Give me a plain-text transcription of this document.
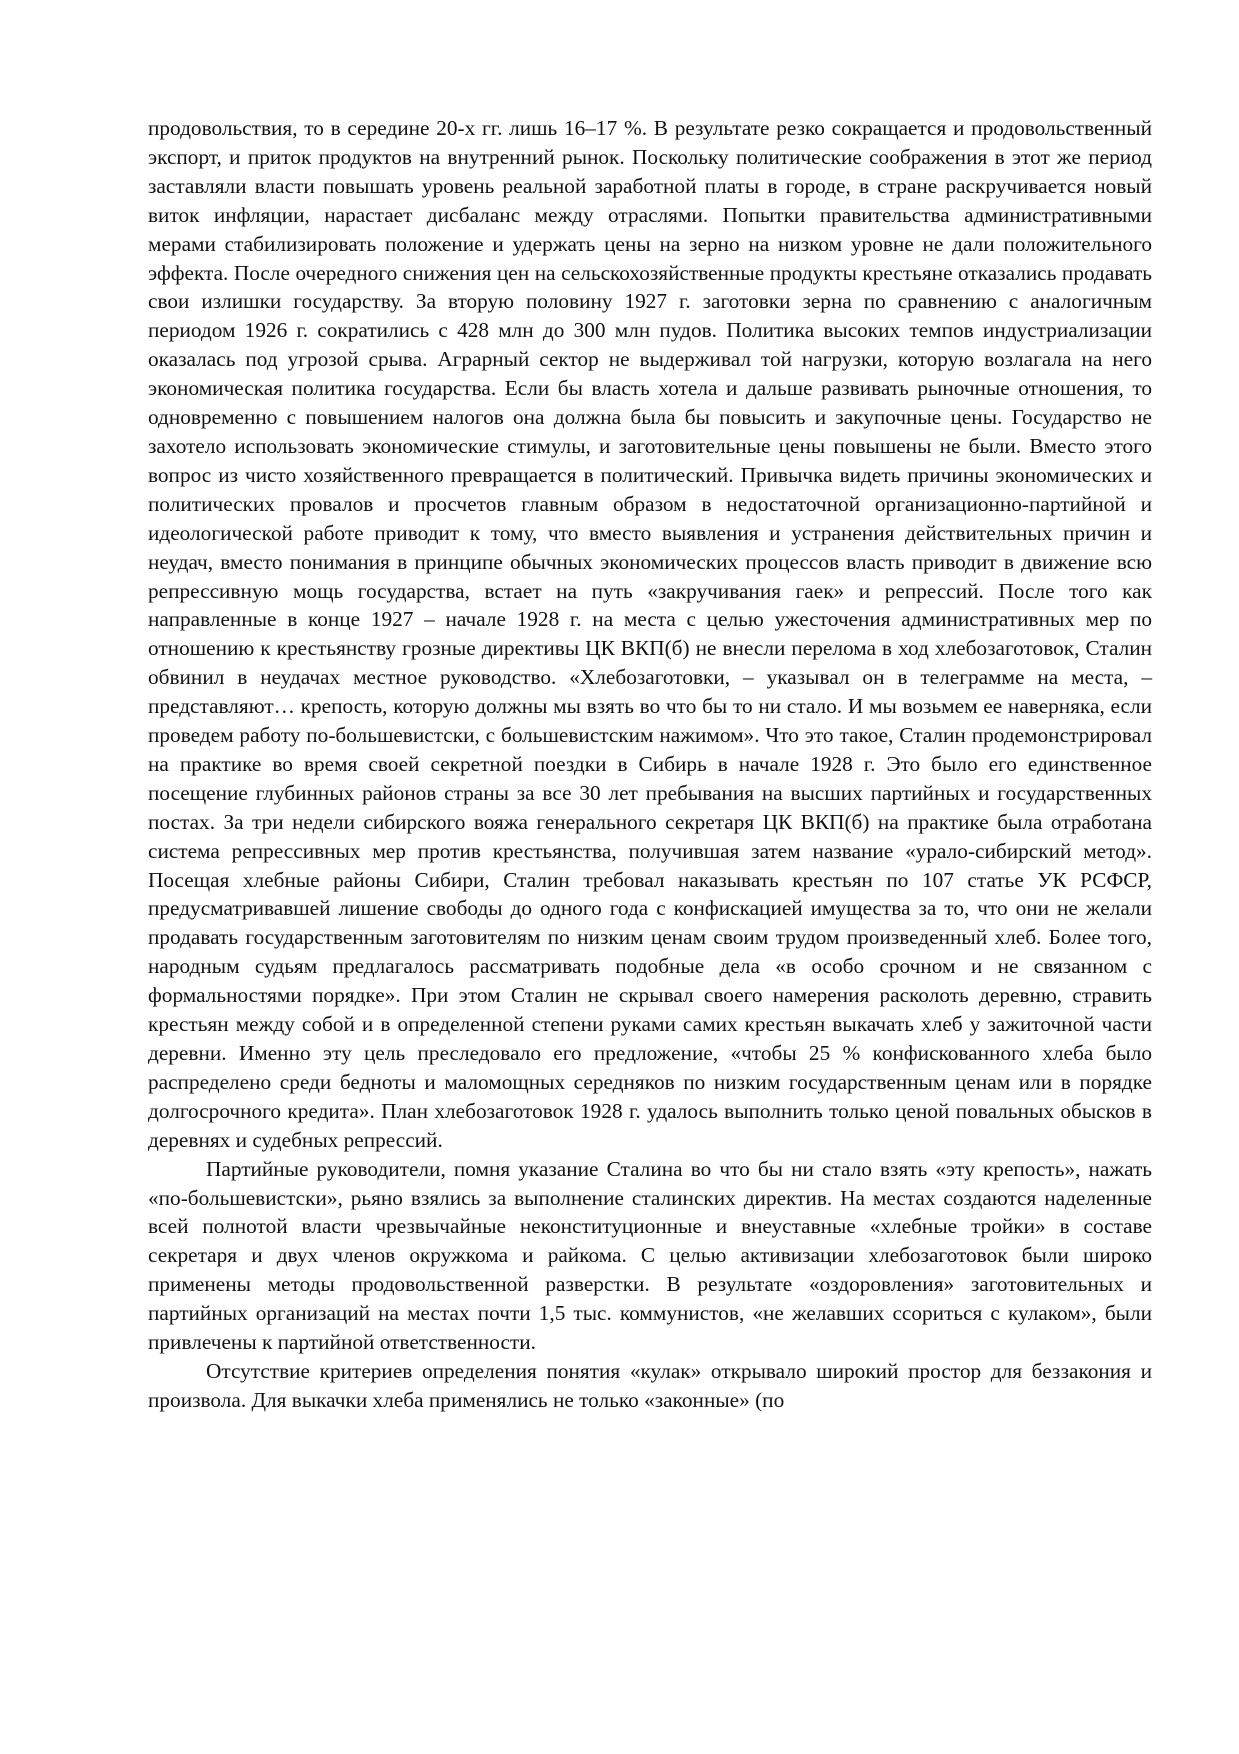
продовольствия, то в середине 20-х гг. лишь 16–17 %. В результате резко сокращается и продовольственный экспорт, и приток продуктов на внутренний рынок. Поскольку политические соображения в этот же период заставляли власти повышать уровень реальной заработной платы в городе, в стране раскручивается новый виток инфляции, нарастает дисбаланс между отраслями. Попытки правительства административными мерами стабилизировать положение и удержать цены на зерно на низком уровне не дали положительного эффекта. После очередного снижения цен на сельскохозяйственные продукты крестьяне отказались продавать свои излишки государству. За вторую половину 1927 г. заготовки зерна по сравнению с аналогичным периодом 1926 г. сократились с 428 млн до 300 млн пудов. Политика высоких темпов индустриализации оказалась под угрозой срыва. Аграрный сектор не выдерживал той нагрузки, которую возлагала на него экономическая политика государства. Если бы власть хотела и дальше развивать рыночные отношения, то одновременно с повышением налогов она должна была бы повысить и закупочные цены. Государство не захотело использовать экономические стимулы, и заготовительные цены повышены не были. Вместо этого вопрос из чисто хозяйственного превращается в политический. Привычка видеть причины экономических и политических провалов и просчетов главным образом в недостаточной организационно-партийной и идеологической работе приводит к тому, что вместо выявления и устранения действительных причин и неудач, вместо понимания в принципе обычных экономических процессов власть приводит в движение всю репрессивную мощь государства, встает на путь «закручивания гаек» и репрессий. После того как направленные в конце 1927 – начале 1928 г. на места с целью ужесточения административных мер по отношению к крестьянству грозные директивы ЦК ВКП(б) не внесли перелома в ход хлебозаготовок, Сталин обвинил в неудачах местное руководство. «Хлебозаготовки, – указывал он в телеграмме на места, – представляют… крепость, которую должны мы взять во что бы то ни стало. И мы возьмем ее наверняка, если проведем работу по-большевистски, с большевистским нажимом». Что это такое, Сталин продемонстрировал на практике во время своей секретной поездки в Сибирь в начале 1928 г. Это было его единственное посещение глубинных районов страны за все 30 лет пребывания на высших партийных и государственных постах. За три недели сибирского вояжа генерального секретаря ЦК ВКП(б) на практике была отработана система репрессивных мер против крестьянства, получившая затем название «урало-сибирский метод». Посещая хлебные районы Сибири, Сталин требовал наказывать крестьян по 107 статье УК РСФСР, предусматривавшей лишение свободы до одного года с конфискацией имущества за то, что они не желали продавать государственным заготовителям по низким ценам своим трудом произведенный хлеб. Более того, народным судьям предлагалось рассматривать подобные дела «в особо срочном и не связанном с формальностями порядке». При этом Сталин не скрывал своего намерения расколоть деревню, стравить крестьян между собой и в определенной степени руками самих крестьян выкачать хлеб у зажиточной части деревни. Именно эту цель преследовало его предложение, «чтобы 25 % конфискованного хлеба было распределено среди бедноты и маломощных середняков по низким государственным ценам или в порядке долгосрочного кредита». План хлебозаготовок 1928 г. удалось выполнить только ценой повальных обысков в деревнях и судебных репрессий.

Партийные руководители, помня указание Сталина во что бы ни стало взять «эту крепость», нажать «по-большевистски», рьяно взялись за выполнение сталинских директив. На местах создаются наделенные всей полнотой власти чрезвычайные неконституционные и внеуставные «хлебные тройки» в составе секретаря и двух членов окружкома и райкома. С целью активизации хлебозаготовок были широко применены методы продовольственной разверстки. В результате «оздоровления» заготовительных и партийных организаций на местах почти 1,5 тыс. коммунистов, «не желавших ссориться с кулаком», были привлечены к партийной ответственности.

Отсутствие критериев определения понятия «кулак» открывало широкий простор для беззакония и произвола. Для выкачки хлеба применялись не только «законные» (по
